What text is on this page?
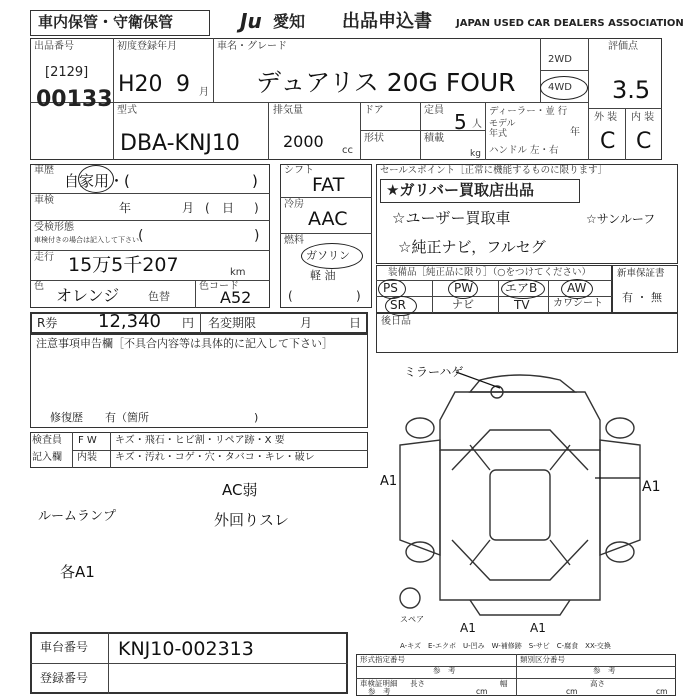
車内保管・守衛保管	Ju 愛知 出品申込書 JAPAN USED CAR DEALERS ASSOCIATION
出品番号
[2129]
00133
初度登録年月
H20 9 月
車名・グレード
デュアリス 20G FOUR
2WD
4WD
評価点
3.5
外 装 内 装
C C
型式
DBA-KNJ10
排気量
2000 cc
ドア
形状
定員 5 人
積載
kg
ディーラー・並 行
モデル
年式	年
ハンドル 左・右
車歴
自家用・(	)
車検
年	月 ( 日 )
受検形態
車検付きの場合は記入して下さい (	)
走行 15万5千207	km
色 オレンジ	色替
色コード
A52
シフト
FAT
冷房
AAC
燃料
ガソリン
軽 油
(	)
セールスポイント［正常に機能するものに限ります］
★ガリバー買取店出品
☆ユーザー買取車	☆サンルーフ
☆純正ナビ，フルセグ
装備品［純正品に限り］（○をつけてください）
PS	PW	エアB AW
SR	ナビ	TV カワシート
新車保証書
有 ・ 無
R券 12,340 円 名変期限	月	日 後日品
注意事項申告欄［不具合内容等は具体的に記入して下さい］
修復歴　　有（箇所	)
検査員
記入欄
F W キズ・飛石・ヒビ割・リペア跡・X 要
内装 キズ・汚れ・コゲ・穴・タバコ・キレ・破レ
AC弱
ルームランプ	外回りスレ
各A1
ミラーハゲ
A1	A1
A1	A1
スペア
A-キズ　E-エクボ　U-凹み　W-補修跡　S-サビ　C-腐食　XX-交換
形式指定番号
参　考
類別区分番号
参　考
車検証明細 長さ	幅	高さ
参　考	cm	cm	cm
車台番号 KNJ10-002313
登録番号
